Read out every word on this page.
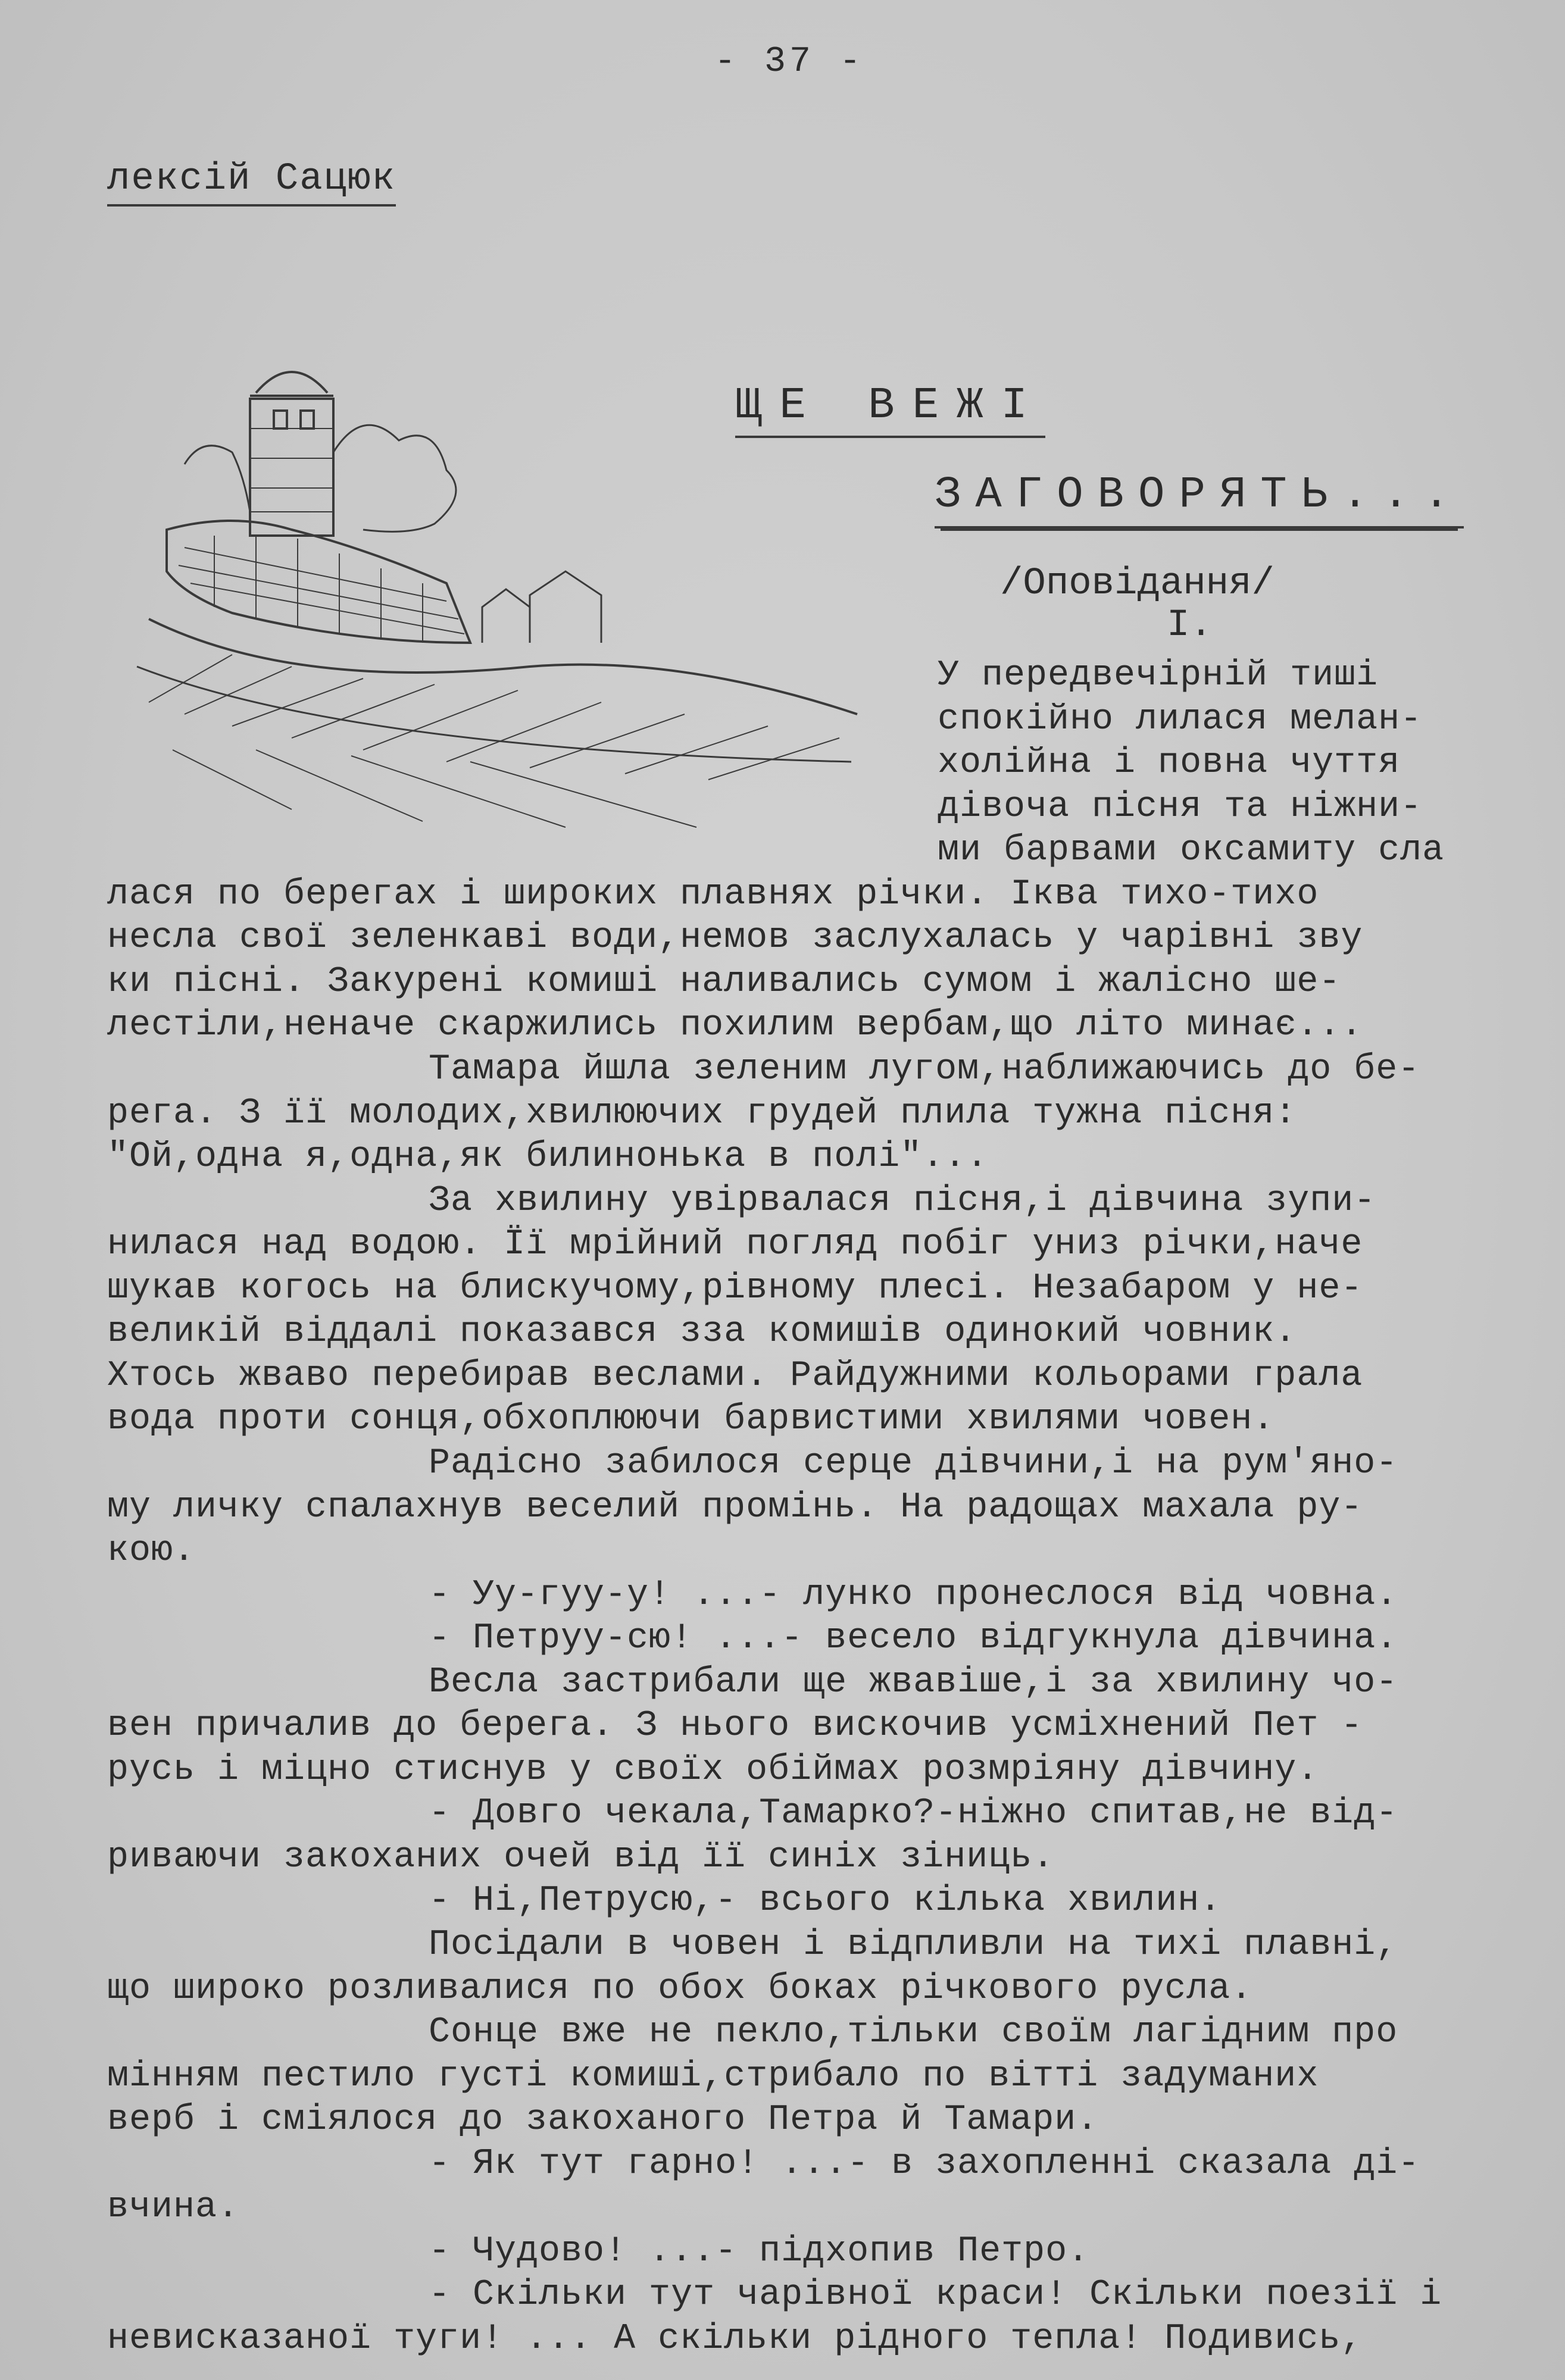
- 37 -
лексій Сацюк
ЩЕ ВЕЖІ
ЗАГОВОРЯТЬ...
/Оповідання/
І.
У передвечірній тиші
спокійно лилася мелан-
холійна і повна чуття
дівоча пісня та ніжни-
ми барвами оксамиту сла
лася по берегах і широких плавнях річки. Іква тихо-тихо
несла свої зеленкаві води,немов заслухалась у чарівні зву
ки пісні. Закурені комиші наливались сумом і жалісно ше-
лестіли,неначе скаржились похилим вербам,що літо минає...
Тамара йшла зеленим лугом,наближаючись до бе-
рега. З її молодих,хвилюючих грудей плила тужна пісня:
"Ой,одна я,одна,як билинонька в полі"...
За хвилину увірвалася пісня,і дівчина зупи-
нилася над водою. Її мрійний погляд побіг униз річки,наче
шукав когось на блискучому,рівному плесі. Незабаром у не-
великій віддалі показався зза комишів одинокий човник.
Хтось жваво перебирав веслами. Райдужними кольорами грала
вода проти сонця,обхоплюючи барвистими хвилями човен.
Радісно забилося серце дівчини,і на рум'яно-
му личку спалахнув веселий промінь. На радощах махала ру-
кою.
- Уу-гуу-у! ...- лунко пронеслося від човна.
- Петруу-сю! ...- весело відгукнула дівчина.
Весла застрибали ще жвавіше,і за хвилину чо-
вен причалив до берега. З нього вискочив усміхнений Пет -
русь і міцно стиснув у своїх обіймах розмріяну дівчину.
- Довго чекала,Тамарко?-ніжно спитав,не від-
риваючи закоханих очей від її синіх зіниць.
- Ні,Петрусю,- всього кілька хвилин.
Посідали в човен і відпливли на тихі плавні,
що широко розливалися по обох боках річкового русла.
Сонце вже не пекло,тільки своїм лагідним про
мінням пестило густі комиші,стрибало по вітті задуманих
верб і сміялося до закоханого Петра й Тамари.
- Як тут гарно! ...- в захопленні сказала ді-
вчина.
- Чудово! ...- підхопив Петро.
- Скільки тут чарівної краси! Скільки поезії і
невисказаної туги! ... А скільки рідного тепла! Подивись,
